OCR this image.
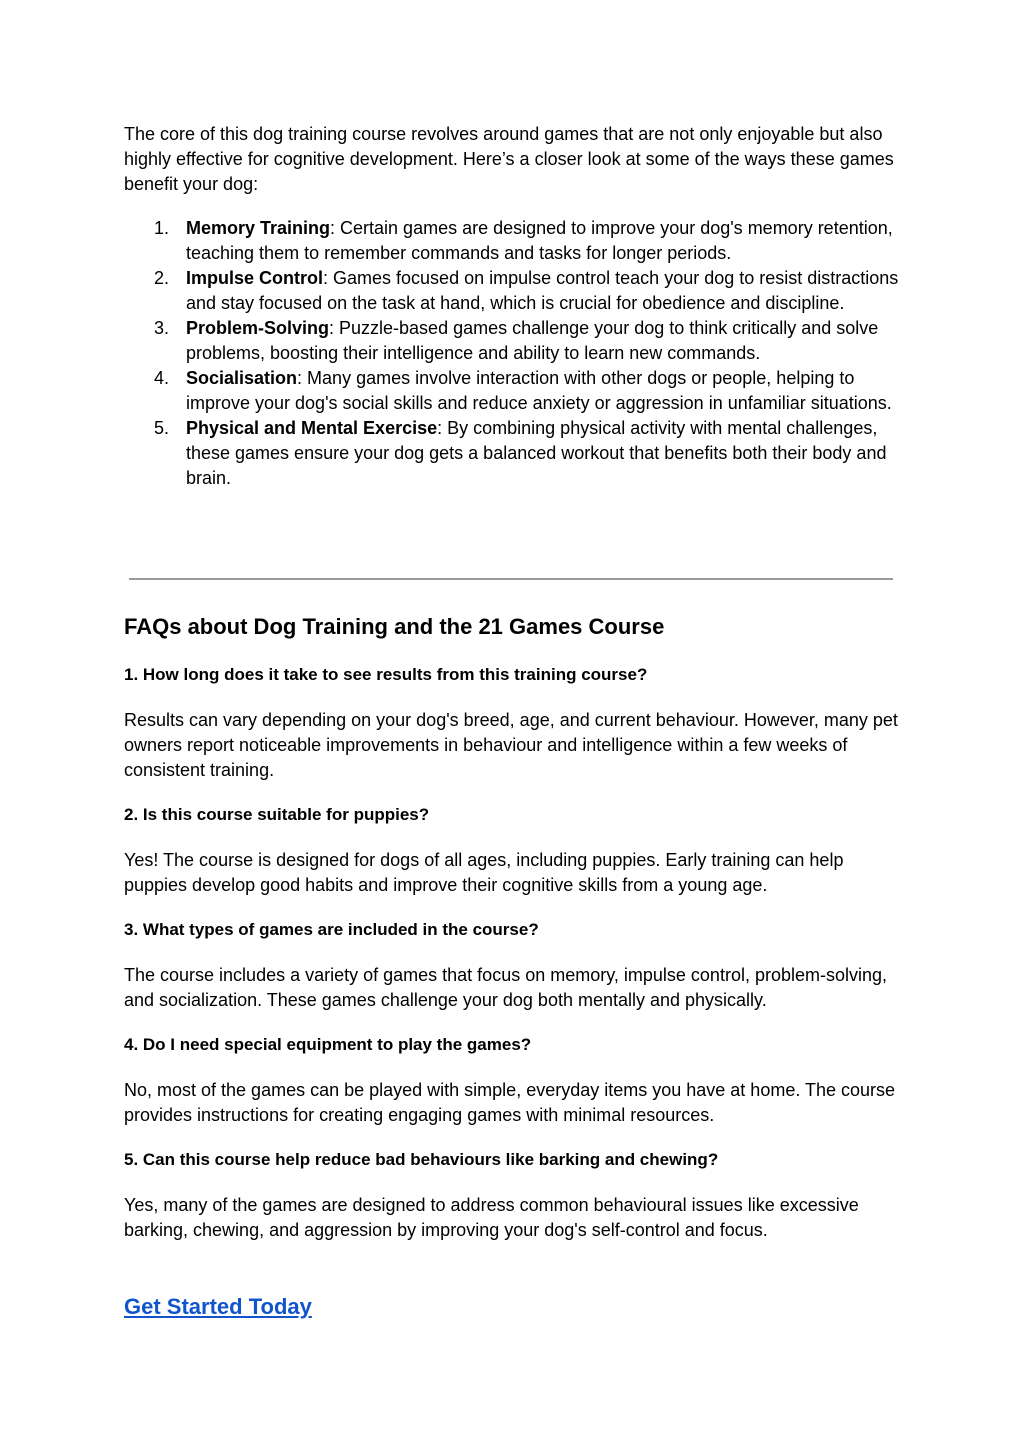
The core of this dog training course revolves around games that are not only enjoyable but also highly effective for cognitive development. Here’s a closer look at some of the ways these games benefit your dog:

1. Memory Training: Certain games are designed to improve your dog's memory retention, teaching them to remember commands and tasks for longer periods.
2. Impulse Control: Games focused on impulse control teach your dog to resist distractions and stay focused on the task at hand, which is crucial for obedience and discipline.
3. Problem-Solving: Puzzle-based games challenge your dog to think critically and solve problems, boosting their intelligence and ability to learn new commands.
4. Socialisation: Many games involve interaction with other dogs or people, helping to improve your dog's social skills and reduce anxiety or aggression in unfamiliar situations.
5. Physical and Mental Exercise: By combining physical activity with mental challenges, these games ensure your dog gets a balanced workout that benefits both their body and brain.
FAQs about Dog Training and the 21 Games Course
1. How long does it take to see results from this training course?

Results can vary depending on your dog's breed, age, and current behaviour. However, many pet owners report noticeable improvements in behaviour and intelligence within a few weeks of consistent training.

2. Is this course suitable for puppies?

Yes! The course is designed for dogs of all ages, including puppies. Early training can help puppies develop good habits and improve their cognitive skills from a young age.

3. What types of games are included in the course?

The course includes a variety of games that focus on memory, impulse control, problem-solving, and socialization. These games challenge your dog both mentally and physically.

4. Do I need special equipment to play the games?

No, most of the games can be played with simple, everyday items you have at home. The course provides instructions for creating engaging games with minimal resources.

5. Can this course help reduce bad behaviours like barking and chewing?

Yes, many of the games are designed to address common behavioural issues like excessive barking, chewing, and aggression by improving your dog's self-control and focus.

Get Started Today
